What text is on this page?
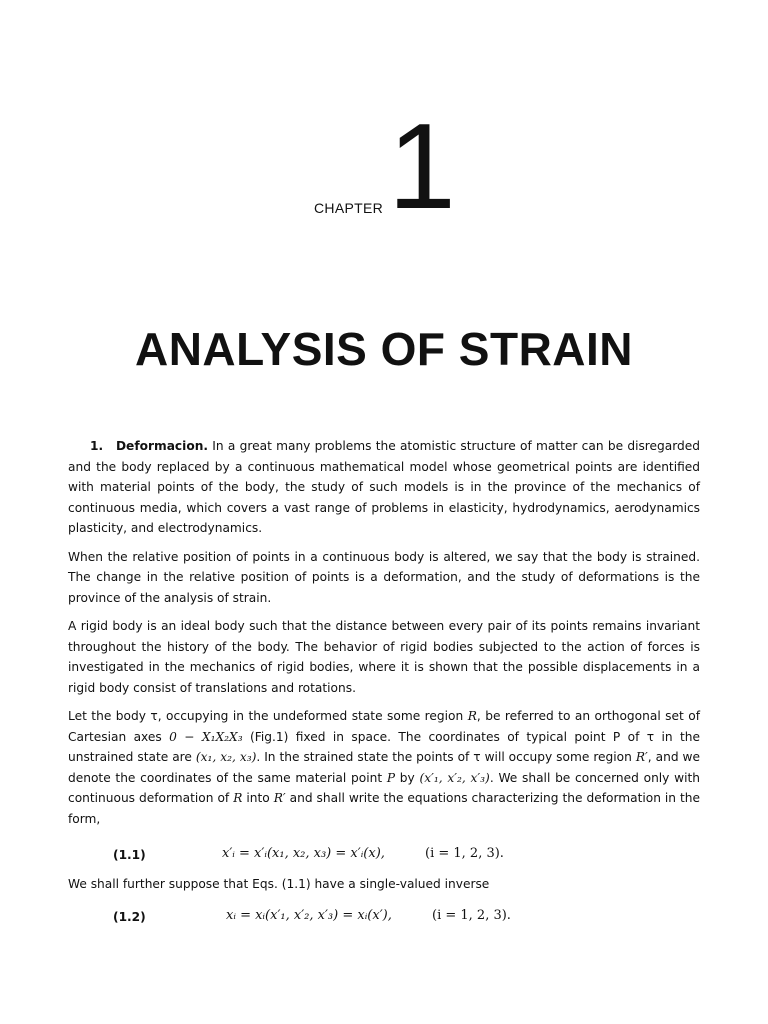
CHAPTER 1
ANALYSIS OF STRAIN

1. Deformacion. In a great many problems the atomistic structure of matter can be disregarded and the body replaced by a continuous mathematical model whose geometrical points are identified with material points of the body, the study of such models is in the province of the mechanics of continuous media, which covers a vast range of problems in elasticity, hydrodynamics, aerodynamics plasticity, and electrodynamics.

When the relative position of points in a continuous body is altered, we say that the body is strained. The change in the relative position of points is a deformation, and the study of deformations is the province of the analysis of strain.

A rigid body is an ideal body such that the distance between every pair of its points remains invariant throughout the history of the body. The behavior of rigid bodies subjected to the action of forces is investigated in the mechanics of rigid bodies, where it is shown that the possible displacements in a rigid body consist of translations and rotations.

Let the body τ, occupying in the undeformed state some region R, be referred to an orthogonal set of Cartesian axes 0 − X₁X₂X₃ (Fig.1) fixed in space. The coordinates of typical point P of τ in the unstrained state are (x₁, x₂, x₃). In the strained state the points of τ will occupy some region R′, and we denote the coordinates of the same material point P by (x′₁, x′₂, x′₃). We shall be concerned only with continuous deformation of R into R′ and shall write the equations characterizing the deformation in the form,

(1.1)	x′ᵢ = x′ᵢ(x₁, x₂, x₃) = x′ᵢ(x),	(i = 1, 2, 3).
We shall further suppose that Eqs. (1.1) have a single-valued inverse
(1.2)	xᵢ = xᵢ(x′₁, x′₂, x′₃) = xᵢ(x′),	(i = 1, 2, 3).
